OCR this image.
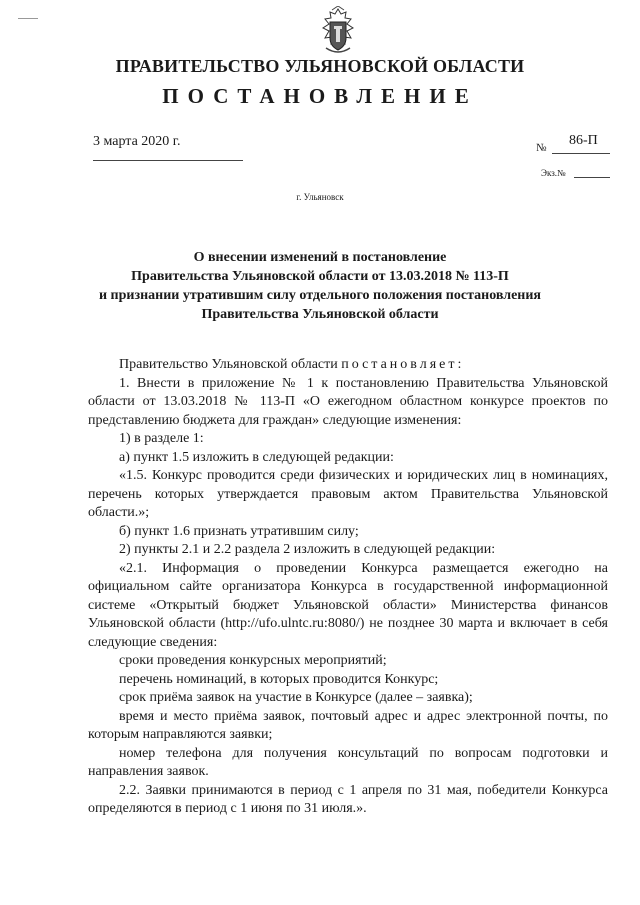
ПРАВИТЕЛЬСТВО УЛЬЯНОВСКОЙ ОБЛАСТИ
ПОСТАНОВЛЕНИЕ
3 марта 2020 г.	№ 86-П
Экз.№
г. Ульяновск
О внесении изменений в постановление
Правительства Ульяновской области от 13.03.2018 № 113-П
и признании утратившим силу отдельного положения постановления
Правительства Ульяновской области

Правительство Ульяновской области постановляет:

1. Внести в приложение № 1 к постановлению Правительства Ульяновской области от 13.03.2018 № 113-П «О ежегодном областном конкурсе проектов по представлению бюджета для граждан» следующие изменения:

1) в разделе 1:

а) пункт 1.5 изложить в следующей редакции:

«1.5. Конкурс проводится среди физических и юридических лиц в номинациях, перечень которых утверждается правовым актом Правительства Ульяновской области.»;

б) пункт 1.6 признать утратившим силу;

2) пункты 2.1 и 2.2 раздела 2 изложить в следующей редакции:

«2.1. Информация о проведении Конкурса размещается ежегодно на официальном сайте организатора Конкурса в государственной информационной системе «Открытый бюджет Ульяновской области» Министерства финансов Ульяновской области (http://ufo.ulntc.ru:8080/) не позднее 30 марта и включает в себя следующие сведения:

сроки проведения конкурсных мероприятий;

перечень номинаций, в которых проводится Конкурс;

срок приёма заявок на участие в Конкурсе (далее – заявка);

время и место приёма заявок, почтовый адрес и адрес электронной почты, по которым направляются заявки;

номер телефона для получения консультаций по вопросам подготовки и направления заявок.

2.2. Заявки принимаются в период с 1 апреля по 31 мая, победители Конкурса определяются в период с 1 июня по 31 июля.».
